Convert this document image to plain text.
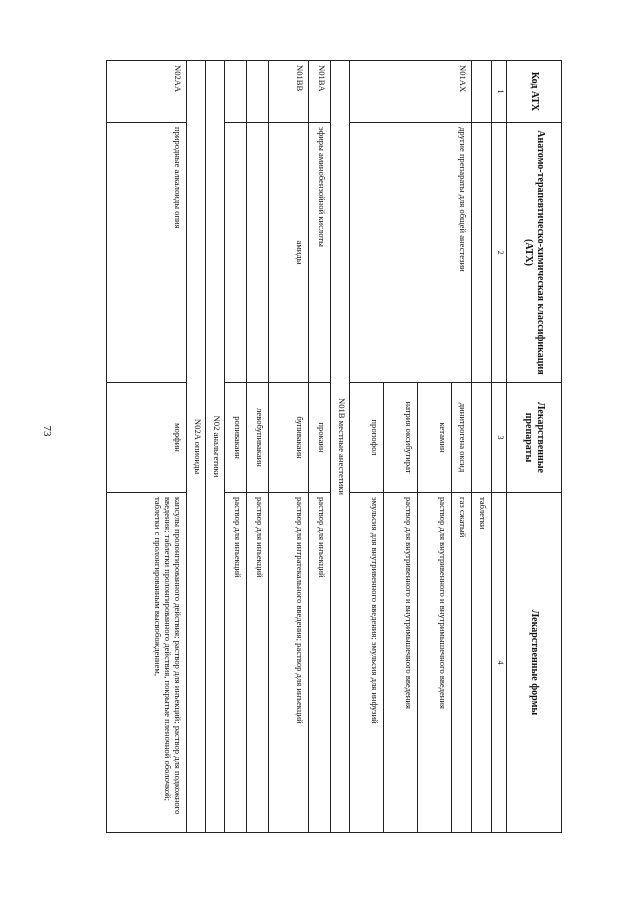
73
Код АТХ	Анатомо-терапевтическо-химическая классификация (АТХ)	Лекарственные препараты	Лекарственные формы
1	2	3	4
			таблетки
N01AX	другие препараты для общей анестезии	динитрогена оксид	газ сжатый
		кетамин	раствор для внутривенного и внутримышечного введения
		натрия оксибутират	раствор для внутривенного и внутримышечного введения
		пропофол	эмульсия для внутривенного введения; эмульсия для инфузий
N01B местные анестетики			
N01BA	эфиры аминобензойной кислоты	прокаин	раствор для инъекций
N01BB	амиды	бупивакаин	раствор для интратекального введения; раствор для инъекций
		левобупивакаин	раствор для инъекций
		ропивакаин	раствор для инъекций
N02 анальгетики			
N02A опиоиды			
N02AA	природные алкалоиды опия	морфин	капсулы пролонгированного действия; раствор для инъекций; раствор для подкожного введения; таблетки пролонгированного действия, покрытые пленочной оболочкой; таблетки с пролонгированным высвобождением,
